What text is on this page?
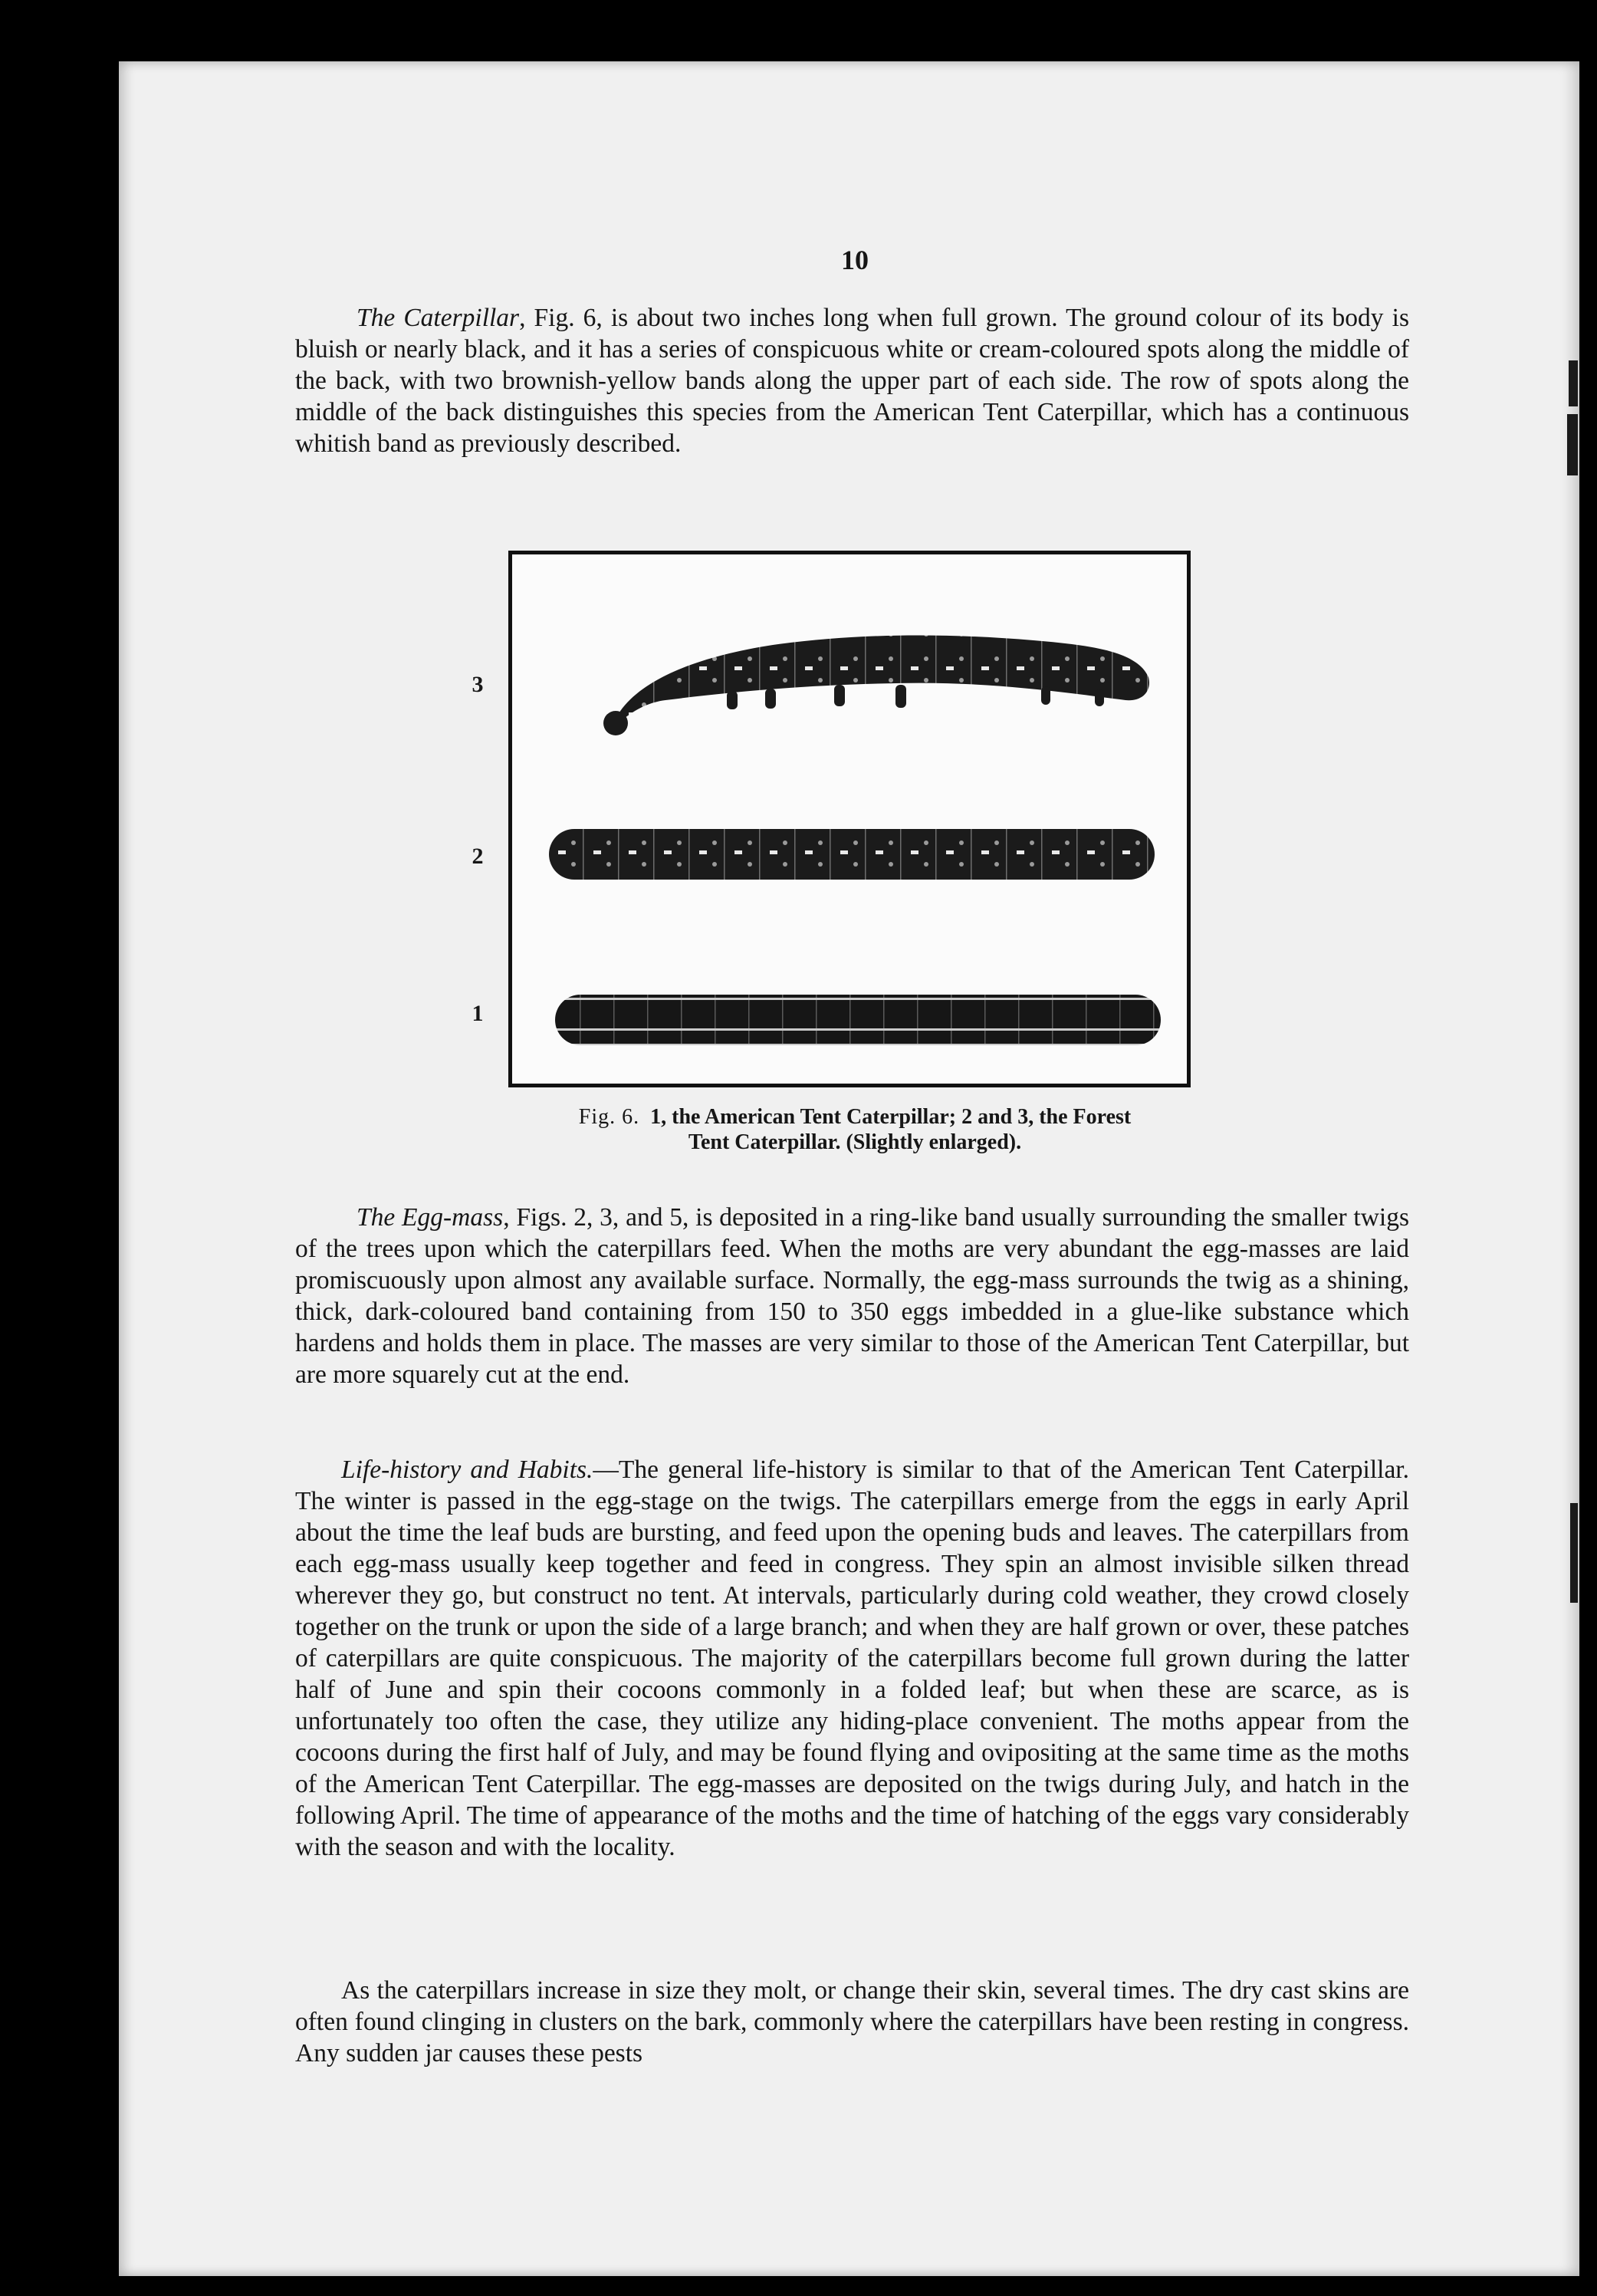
10

The Caterpillar, Fig. 6, is about two inches long when full grown. The ground colour of its body is bluish or nearly black, and it has a series of conspicuous white or cream-coloured spots along the middle of the back, with two brownish-yellow bands along the upper part of each side. The row of spots along the middle of the back distinguishes this species from the American Tent Caterpillar, which has a continuous whitish band as previously described.

3
2
1
Fig. 6. 1, the American Tent Caterpillar; 2 and 3, the Forest
Tent Caterpillar. (Slightly enlarged).

The Egg-mass, Figs. 2, 3, and 5, is deposited in a ring-like band usually surrounding the smaller twigs of the trees upon which the caterpillars feed. When the moths are very abundant the egg-masses are laid promiscuously upon almost any available surface. Normally, the egg-mass surrounds the twig as a shining, thick, dark-coloured band containing from 150 to 350 eggs imbedded in a glue-like substance which hardens and holds them in place. The masses are very similar to those of the American Tent Caterpillar, but are more squarely cut at the end.

Life-history and Habits.—The general life-history is similar to that of the American Tent Caterpillar. The winter is passed in the egg-stage on the twigs. The caterpillars emerge from the eggs in early April about the time the leaf buds are bursting, and feed upon the opening buds and leaves. The caterpillars from each egg-mass usually keep together and feed in congress. They spin an almost invisible silken thread wherever they go, but construct no tent. At intervals, particularly during cold weather, they crowd closely together on the trunk or upon the side of a large branch; and when they are half grown or over, these patches of caterpillars are quite conspicuous. The majority of the caterpillars become full grown during the latter half of June and spin their cocoons commonly in a folded leaf; but when these are scarce, as is unfortunately too often the case, they utilize any hiding-place convenient. The moths appear from the cocoons during the first half of July, and may be found flying and ovipositing at the same time as the moths of the American Tent Caterpillar. The egg-masses are deposited on the twigs during July, and hatch in the following April. The time of appearance of the moths and the time of hatching of the eggs vary considerably with the season and with the locality.

As the caterpillars increase in size they molt, or change their skin, several times. The dry cast skins are often found clinging in clusters on the bark, commonly where the caterpillars have been resting in congress. Any sudden jar causes these pests
